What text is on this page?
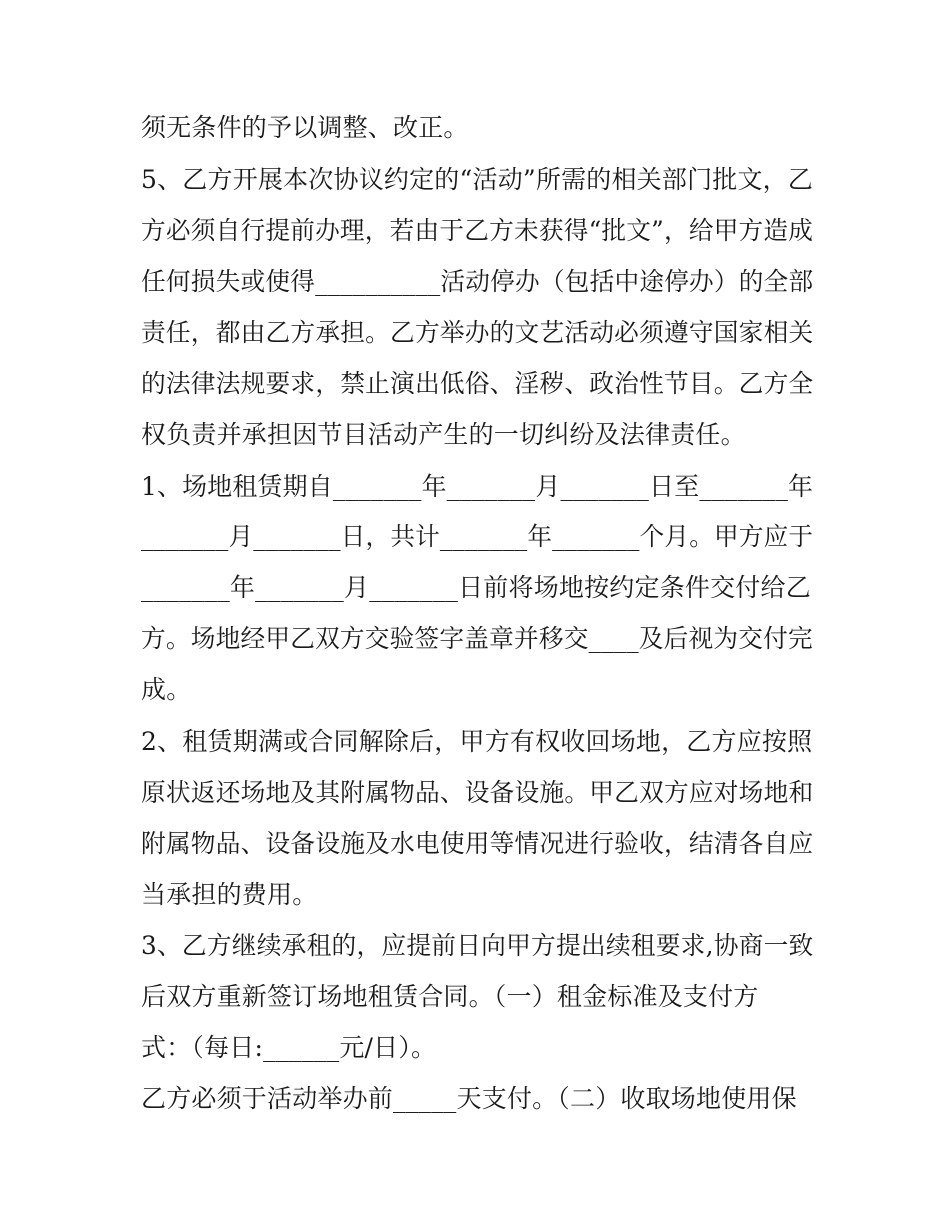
须无条件的予以调整、改正。
5、乙方开展本次协议约定的“活动”所需的相关部门批文，乙
方必须自行提前办理，若由于乙方未获得“批文”，给甲方造成
任何损失或使得__________活动停办（包括中途停办）的全部
责任，都由乙方承担。乙方举办的文艺活动必须遵守国家相关
的法律法规要求，禁止演出低俗、淫秽、政治性节目。乙方全
权负责并承担因节目活动产生的一切纠纷及法律责任。
1、场地租赁期自_______年_______月_______日至_______年
_______月_______日，共计_______年_______个月。甲方应于
_______年_______月_______日前将场地按约定条件交付给乙
方。场地经甲乙双方交验签字盖章并移交____及后视为交付完
成。
2、租赁期满或合同解除后，甲方有权收回场地，乙方应按照
原状返还场地及其附属物品、设备设施。甲乙双方应对场地和
附属物品、设备设施及水电使用等情况进行验收，结清各自应
当承担的费用。
3、乙方继续承租的，应提前日向甲方提出续租要求,协商一致
后双方重新签订场地租赁合同。（一）租金标准及支付方
式：（每日:______元/日）。
乙方必须于活动举办前_____天支付。（二）收取场地使用保
